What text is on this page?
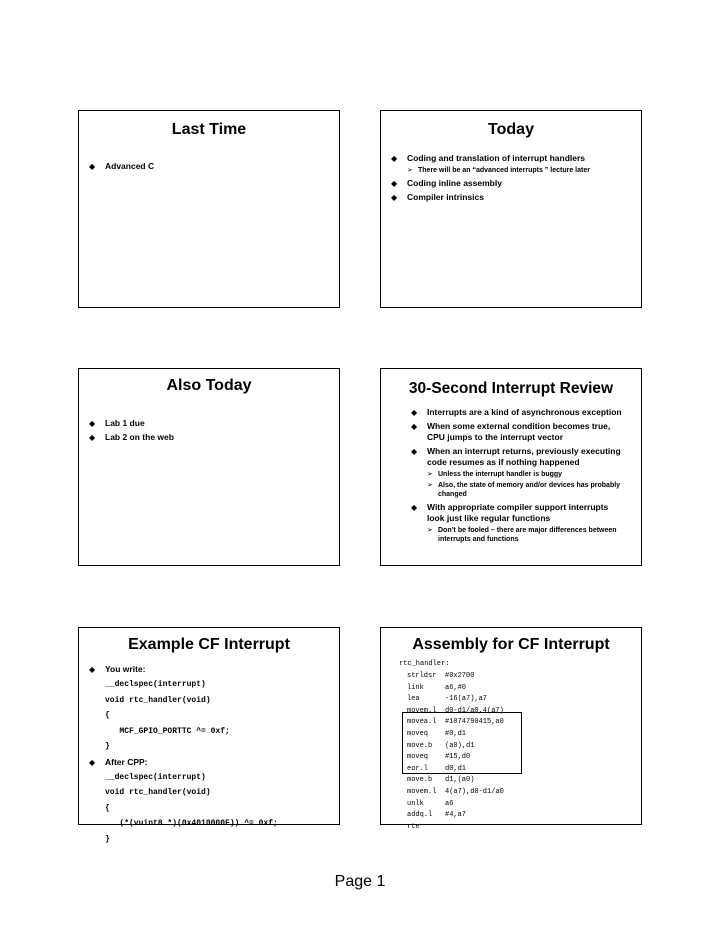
Last Time
◆ Advanced C
Today
◆ Coding and translation of interrupt handlers
➢ There will be an “advanced interrupts ” lecture later
◆ Coding inline assembly
◆ Compiler intrinsics
Also Today
◆ Lab 1 due
◆ Lab 2 on the web
30-Second Interrupt Review
◆ Interrupts are a kind of asynchronous exception
◆ When some external condition becomes true, CPU jumps to the interrupt vector
◆ When an interrupt returns, previously executing code resumes as if nothing happened
➢ Unless the interrupt handler is buggy
➢ Also, the state of memory and/or devices has probably changed
◆ With appropriate compiler support interrupts look just like regular functions
➢ Don’t be fooled – there are major differences between interrupts and functions
Example CF Interrupt
◆ You write:
__declspec(interrupt)
void rtc_handler(void)
{
MCF_GPIO_PORTTC ^= 0xf;
}
◆ After CPP:
__declspec(interrupt)
void rtc_handler(void)
{
(*(vuint8 *)(0x4010000F)) ^= 0xf;
}
Assembly for CF Interrupt
rtc_handler:
strldsr #0x2700
link	a6,#0
lea	-16(a7),a7
movem.l d0-d1/a0,4(a7)
movea.l #1074790415,a0
moveq #0,d1
move.b (a0),d1
moveq #15,d0
eor.l d0,d1
move.b d1,(a0)
movem.l 4(a7),d0-d1/a0
unlk	a6
addq.l #4,a7
rte
Page 1
